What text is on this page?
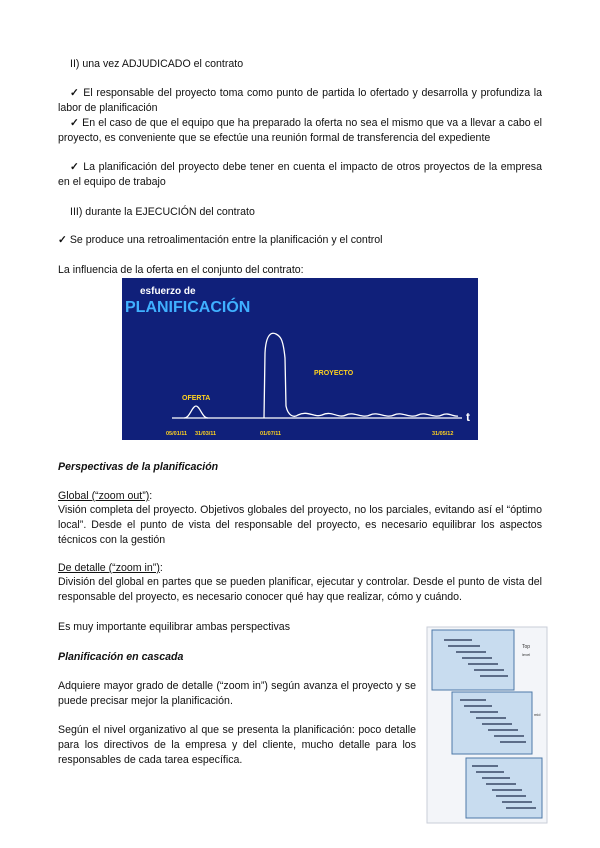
II) una vez ADJUDICADO el contrato
✓ El responsable del proyecto toma como punto de partida lo ofertado y desarrolla y profundiza la labor de planificación
✓ En el caso de que el equipo que ha preparado la oferta no sea el mismo que va a llevar a cabo el proyecto, es conveniente que se efectúe una reunión formal de transferencia del expediente
✓ La planificación del proyecto debe tener en cuenta el impacto de otros proyectos de la empresa en el equipo de trabajo
III) durante la EJECUCIÓN del contrato
✓ Se produce una retroalimentación entre la planificación y el control
La influencia de la oferta en el conjunto del contrato:
esfuerzo de
PLANIFICACIÓN
t
OFERTA
PROYECTO
05/01/11 31/03/11	01/07/11	31/05/12
Perspectivas de la planificación
Global (“zoom out”):
Visión completa del proyecto. Objetivos globales del proyecto, no los parciales, evitando así el “óptimo local”. Desde el punto de vista del responsable del proyecto, es necesario equilibrar los aspectos técnicos con la gestión
De detalle (“zoom in”):
División del global en partes que se pueden planificar, ejecutar y controlar. Desde el punto de vista del responsable del proyecto, es necesario conocer qué hay que realizar, cómo y cuándo.
Es muy importante equilibrar ambas perspectivas
Planificación en cascada
Adquiere mayor grado de detalle (“zoom in”) según avanza el proyecto y se puede precisar mejor la planificación.
Según el nivel organizativo al que se presenta la planificación: poco detalle para los directivos de la empresa y del cliente, mucho detalle para los responsables de cada tarea específica.
Top
level
mid
